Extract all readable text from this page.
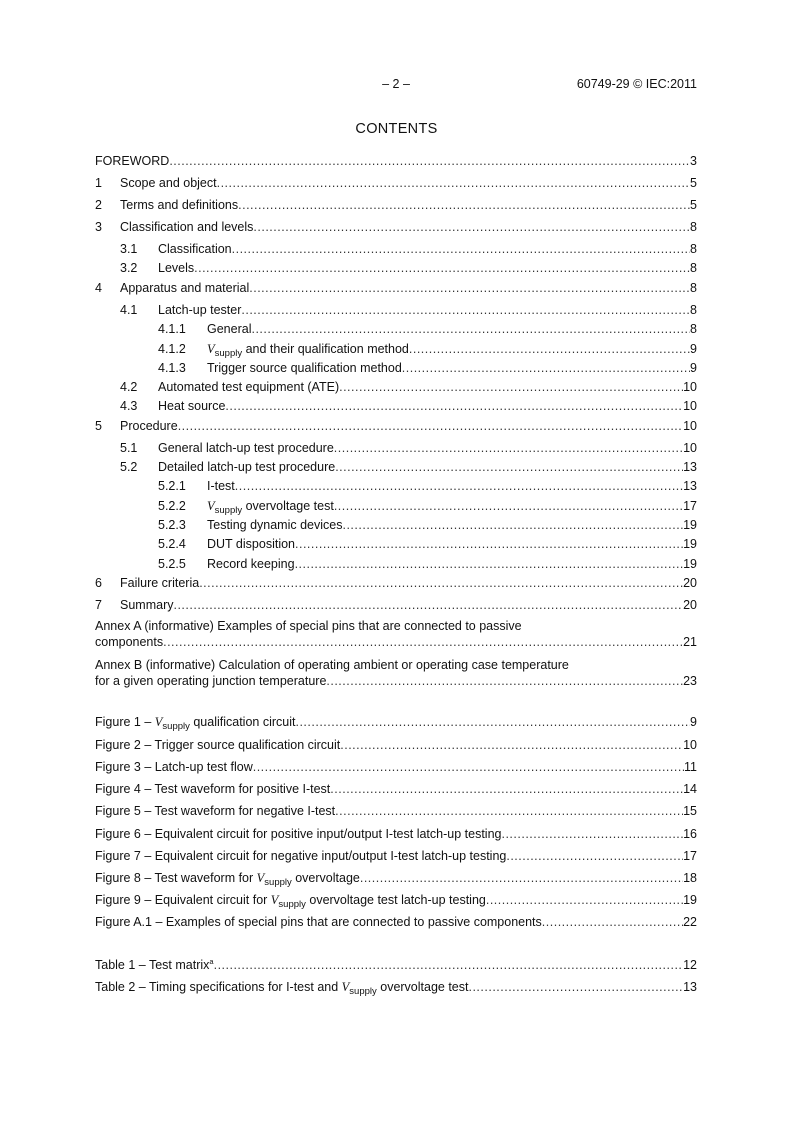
– 2 –	60749-29 © IEC:2011
CONTENTS
FOREWORD .....	3
1 Scope and object .....	5
2 Terms and definitions .....	5
3 Classification and levels .....	8
3.1 Classification .....	8
3.2 Levels .....	8
4 Apparatus and material .....	8
4.1 Latch-up tester .....	8
4.1.1 General .....	8
4.1.2 $V_{supply}$ and their qualification method .....	9
4.1.3 Trigger source qualification method .....	9
4.2 Automated test equipment (ATE) .....	10
4.3 Heat source .....	10
5 Procedure .....	10
5.1 General latch-up test procedure .....	10
5.2 Detailed latch-up test procedure .....	13
5.2.1 I-test .....	13
5.2.2 $V_{supply}$ overvoltage test .....	17
5.2.3 Testing dynamic devices .....	19
5.2.4 DUT disposition .....	19
5.2.5 Record keeping .....	19
6 Failure criteria .....	20
7 Summary .....	20
Annex A (informative) Examples of special pins that are connected to passive
components .....	21
Annex B (informative) Calculation of operating ambient or operating case temperature
for a given operating junction temperature .....	23
Figure $1 - V_{supply}$ qualification circuit .....	9
Figure 2 – Trigger source qualification circuit .....	10
Figure 3 – Latch-up test flow .....	11
Figure 4 – Test waveform for positive I-test .....	14
Figure 5 – Test waveform for negative I-test .....	15
Figure 6 – Equivalent circuit for positive input/output I-test latch-up testing .....	16
Figure 7 – Equivalent circuit for negative input/output I-test latch-up testing .....	17
Figure 8 – Test waveform for $V_{supply}$ overvoltage .....	18
Figure 9 – Equivalent circuit for $V_{supply}$ overvoltage test latch-up testing .....	19
Figure A.1 – Examples of special pins that are connected to passive components .....	22
Table 1 – Test matrix$^a$ .....	12
Table 2 – Timing specifications for I-test and $V_{supply}$ overvoltage test .....	13
